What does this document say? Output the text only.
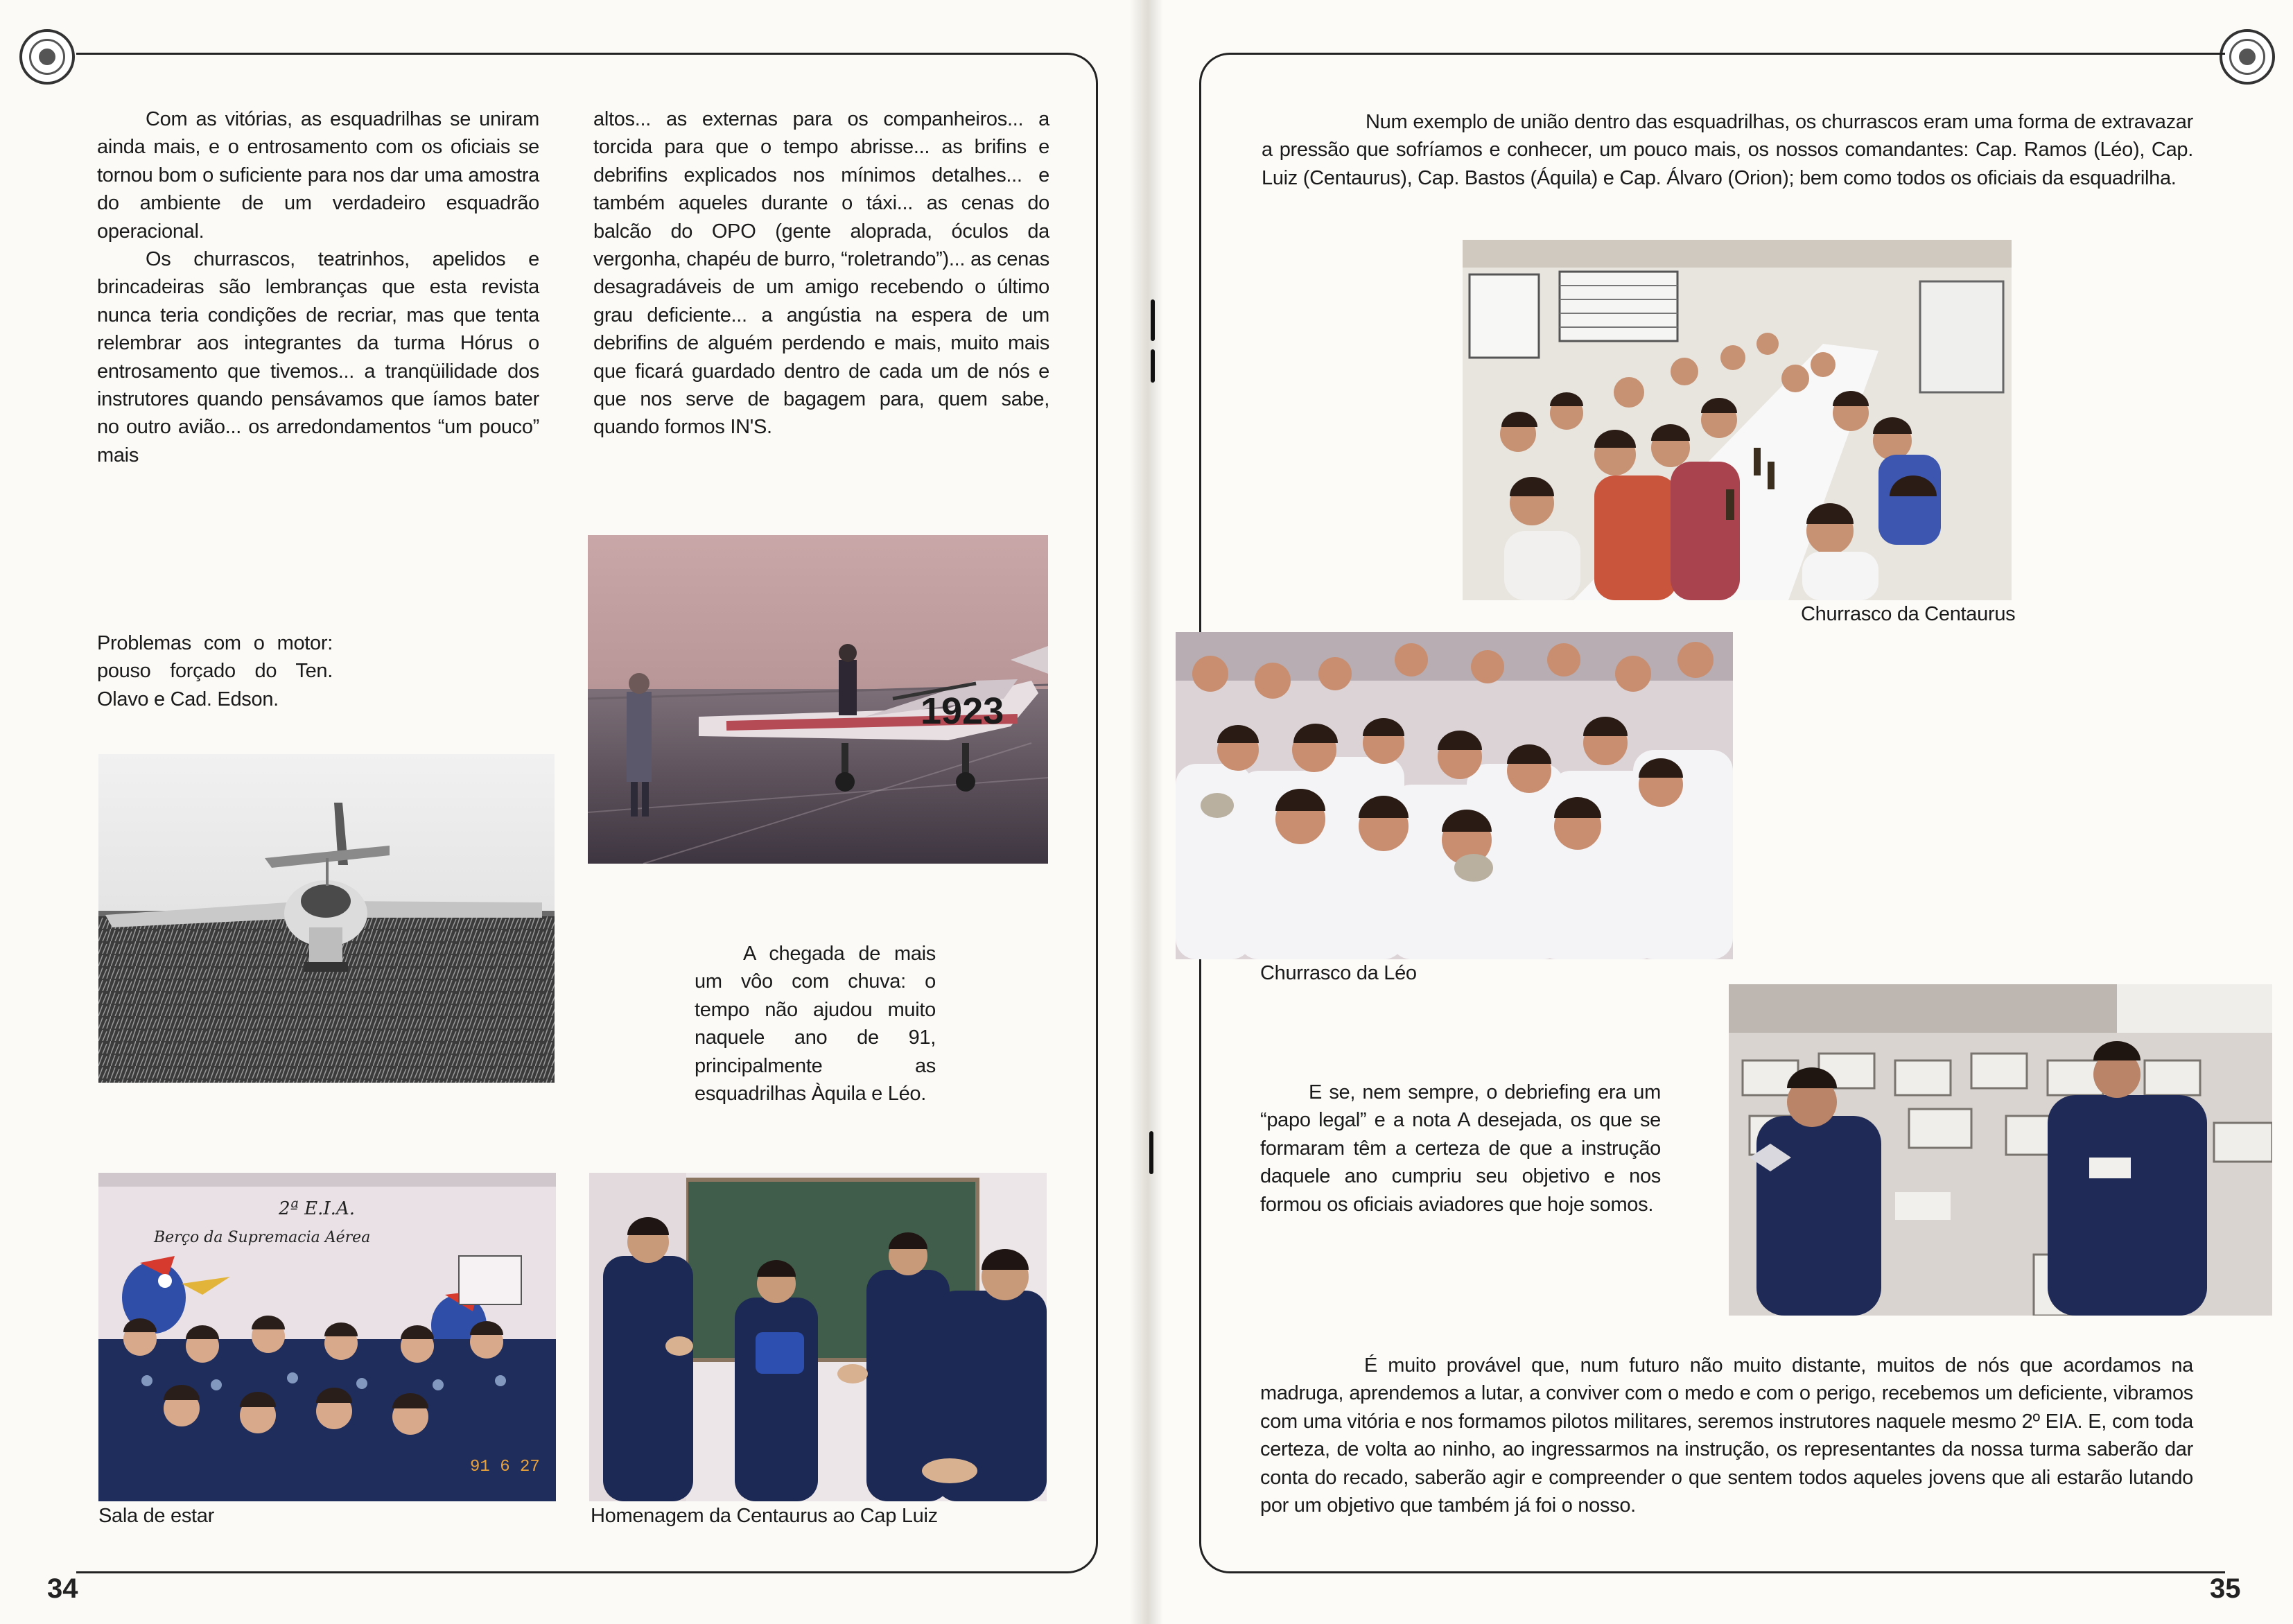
Com as vitórias, as esquadrilhas se uniram ainda mais, e o entrosamento com os oficiais se tornou bom o suficiente para nos dar uma amostra do ambiente de um verdadeiro esquadrão operacional.

Os churrascos, teatrinhos, apelidos e brincadeiras são lembranças que esta revista nunca teria condições de recriar, mas que tenta relembrar aos integrantes da turma Hórus o entrosamento que tivemos... a tranqüilidade dos instrutores quando pensávamos que íamos bater no outro avião... os arredondamentos “um pouco” mais

altos... as externas para os companheiros... a torcida para que o tempo abrisse... as brifins e debrifins explicados nos mínimos detalhes... e também aqueles durante o táxi... as cenas do balcão do OPO (gente aloprada, óculos da vergonha, chapéu de burro, “roletrando”)... as cenas desagradáveis de um amigo recebendo o último grau deficiente... a angústia na espera de um debrifins de alguém perdendo e mais, muito mais que ficará guardado dentro de cada um de nós e que nos serve de bagagem para, quem sabe, quando formos IN'S.

Problemas com o motor: pouso forçado do Ten. Olavo e Cad. Edson.	1923

A chegada de mais um vôo com chuva: o tempo não ajudou muito naquele ano de 91, principalmente as esquadrilhas Àquila e Léo.

2ª E.I.A.
Berço da Supremacia Aérea
91 6 27
Sala de estar	Homenagem da Centaurus ao Cap Luiz
34

Num exemplo de união dentro das esquadrilhas, os churrascos eram uma forma de extravazar a pressão que sofríamos e conhecer, um pouco mais, os nossos comandantes: Cap. Ramos (Léo), Cap. Luiz (Centaurus), Cap. Bastos (Áquila) e Cap. Álvaro (Orion); bem como todos os oficiais da esquadrilha.

Churrasco da Centaurus
Churrasco da Léo

E se, nem sempre, o debriefing era um “papo legal” e a nota A desejada, os que se formaram têm a certeza de que a instrução daquele ano cumpriu seu objetivo e nos formou os oficiais aviadores que hoje somos.

É muito provável que, num futuro não muito distante, muitos de nós que acordamos na madruga, aprendemos a lutar, a conviver com o medo e com o perigo, recebemos um deficiente, vibramos com uma vitória e nos formamos pilotos militares, seremos instrutores naquele mesmo 2º EIA. E, com toda certeza, de volta ao ninho, ao ingressarmos na instrução, os representantes da nossa turma saberão dar conta do recado, saberão agir e compreender o que sentem todos aqueles jovens que ali estarão lutando por um objetivo que também já foi o nosso.

35
